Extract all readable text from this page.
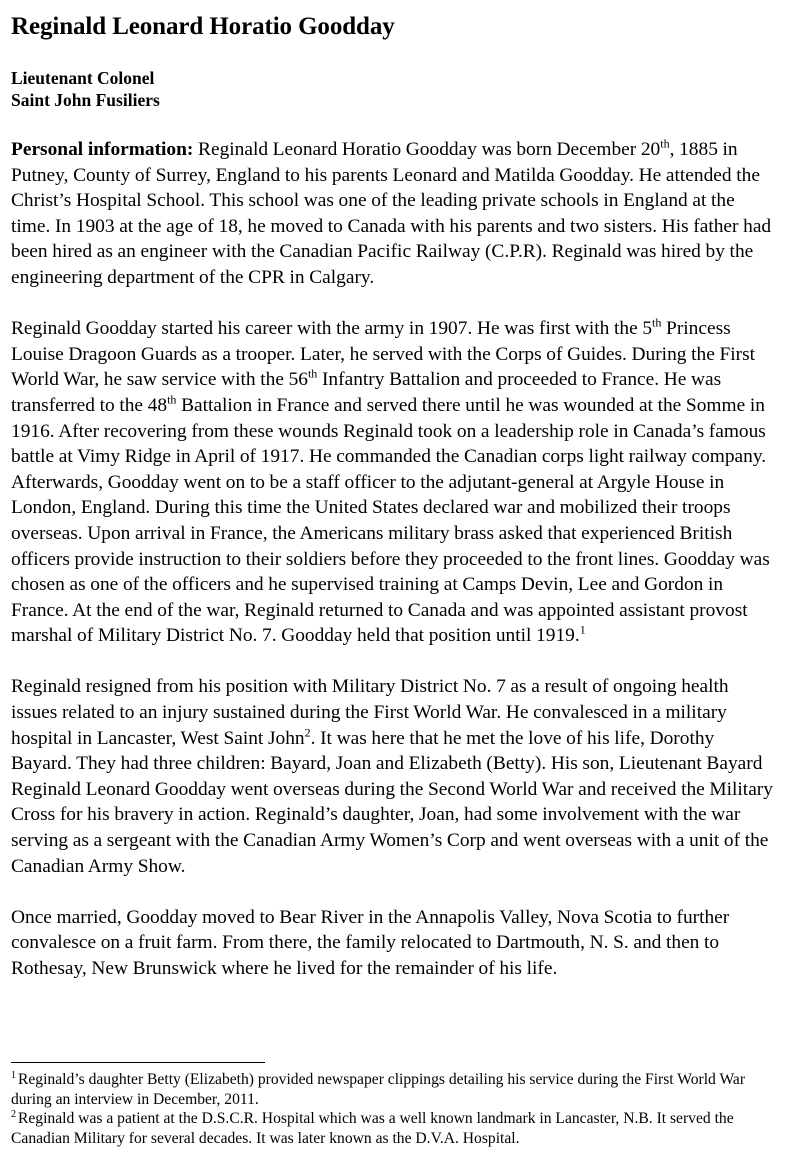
Reginald Leonard Horatio Goodday
Lieutenant Colonel
Saint John Fusiliers

Personal information: Reginald Leonard Horatio Goodday was born December 20th, 1885 in Putney, County of Surrey, England to his parents Leonard and Matilda Goodday. He attended the Christ’s Hospital School. This school was one of the leading private schools in England at the time. In 1903 at the age of 18, he moved to Canada with his parents and two sisters. His father had been hired as an engineer with the Canadian Pacific Railway (C.P.R). Reginald was hired by the engineering department of the CPR in Calgary.

Reginald Goodday started his career with the army in 1907. He was first with the 5th Princess Louise Dragoon Guards as a trooper. Later, he served with the Corps of Guides. During the First World War, he saw service with the 56th Infantry Battalion and proceeded to France. He was transferred to the 48th Battalion in France and served there until he was wounded at the Somme in 1916. After recovering from these wounds Reginald took on a leadership role in Canada’s famous battle at Vimy Ridge in April of 1917. He commanded the Canadian corps light railway company. Afterwards, Goodday went on to be a staff officer to the adjutant-general at Argyle House in London, England. During this time the United States declared war and mobilized their troops overseas. Upon arrival in France, the Americans military brass asked that experienced British officers provide instruction to their soldiers before they proceeded to the front lines. Goodday was chosen as one of the officers and he supervised training at Camps Devin, Lee and Gordon in France. At the end of the war, Reginald returned to Canada and was appointed assistant provost marshal of Military District No. 7. Goodday held that position until 1919.$^1$

Reginald resigned from his position with Military District No. 7 as a result of ongoing health issues related to an injury sustained during the First World War. He convalesced in a military hospital in Lancaster, West Saint John$^2$. It was here that he met the love of his life, Dorothy Bayard. They had three children: Bayard, Joan and Elizabeth (Betty). His son, Lieutenant Bayard Reginald Leonard Goodday went overseas during the Second World War and received the Military Cross for his bravery in action. Reginald’s daughter, Joan, had some involvement with the war serving as a sergeant with the Canadian Army Women’s Corp and went overseas with a unit of the Canadian Army Show.

Once married, Goodday moved to Bear River in the Annapolis Valley, Nova Scotia to further convalesce on a fruit farm. From there, the family relocated to Dartmouth, N. S. and then to Rothesay, New Brunswick where he lived for the remainder of his life.

$^1$ Reginald’s daughter Betty (Elizabeth) provided newspaper clippings detailing his service during the First World War during an interview in December, 2011.

$^2$ Reginald was a patient at the D.S.C.R. Hospital which was a well known landmark in Lancaster, N.B. It served the Canadian Military for several decades. It was later known as the D.V.A. Hospital.
